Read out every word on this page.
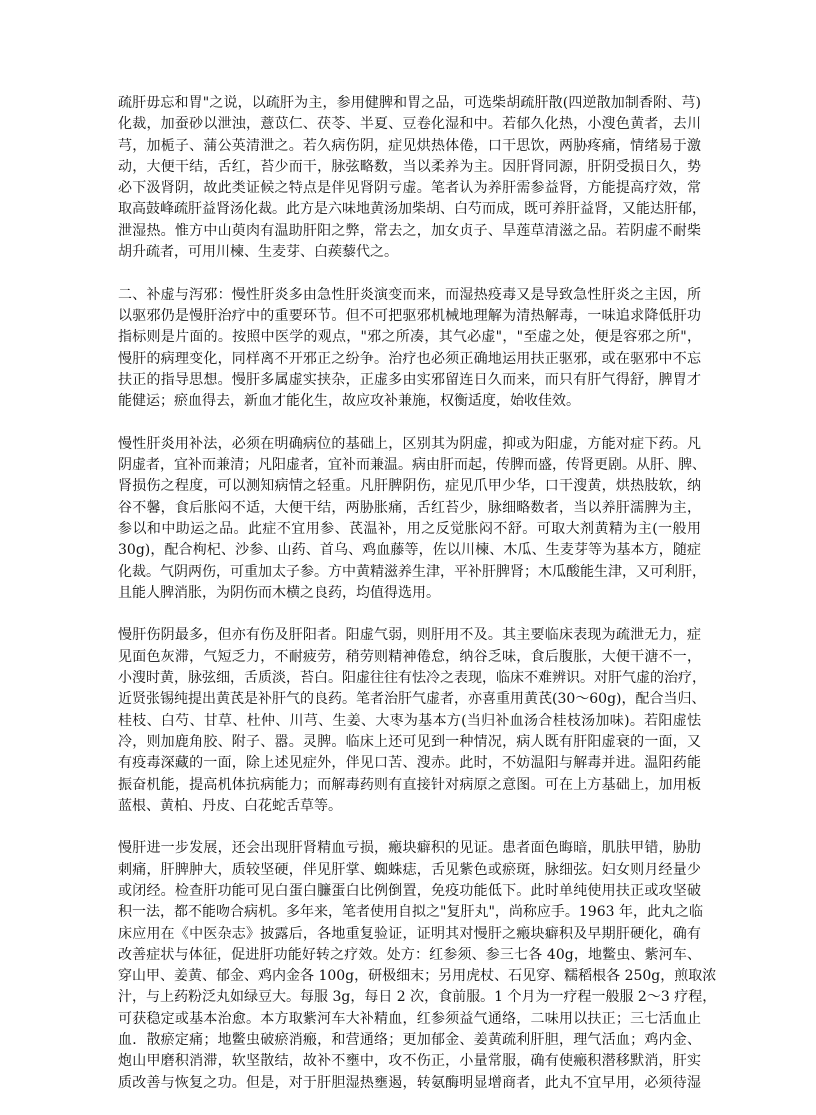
疏肝毋忘和胃"之说，以疏肝为主，参用健脾和胃之品，可选柴胡疏肝散(四逆散加制香附、芎)
化裁，加蚕砂以泄浊，薏苡仁、茯苓、半夏、豆卷化湿和中。若郁久化热，小溲色黄者，去川
芎，加栀子、蒲公英清泄之。若久病伤阴，症见烘热体倦，口干思饮，两胁疼痛，情绪易于激
动，大便干结，舌红，苔少而干，脉弦略数，当以柔养为主。因肝肾同源，肝阴受损日久，势
必下汲肾阴，故此类证候之特点是伴见肾阴亏虚。笔者认为养肝需参益肾，方能提高疗效，常
取高鼓峰疏肝益肾汤化裁。此方是六味地黄汤加柴胡、白芍而成，既可养肝益肾，又能达肝郁，
泄湿热。惟方中山萸肉有温助肝阳之弊，常去之，加女贞子、旱莲草清滋之品。若阴虚不耐柴
胡升疏者，可用川楝、生麦芽、白蒺藜代之。
二、补虚与泻邪：慢性肝炎多由急性肝炎演变而来，而湿热疫毒又是导致急性肝炎之主因，所
以驱邪仍是慢肝治疗中的重要环节。但不可把驱邪机械地理解为清热解毒，一味追求降低肝功
指标则是片面的。按照中医学的观点，"邪之所凑，其气必虚"，"至虚之处，便是容邪之所"，
慢肝的病理变化，同样离不开邪正之纷争。治疗也必须正确地运用扶正驱邪，或在驱邪中不忘
扶正的指导思想。慢肝多属虚实挟杂，正虚多由实邪留连日久而来，而只有肝气得舒，脾胃才
能健运；瘀血得去，新血才能化生，故应攻补兼施，权衡适度，始收佳效。
慢性肝炎用补法，必须在明确病位的基础上，区别其为阴虚，抑或为阳虚，方能对症下药。凡
阴虚者，宜补而兼清；凡阳虚者，宜补而兼温。病由肝而起，传脾而盛，传肾更剧。从肝、脾、
肾损伤之程度，可以测知病情之轻重。凡肝脾阴伤，症见爪甲少华，口干溲黄，烘热肢软，纳
谷不馨，食后胀闷不适，大便干结，两胁胀痛，舌红苔少，脉细略数者，当以养肝濡脾为主，
参以和中助运之品。此症不宜用参、芪温补，用之反觉胀闷不舒。可取大剂黄精为主(一般用
30g)，配合枸杞、沙参、山药、首乌、鸡血藤等，佐以川楝、木瓜、生麦芽等为基本方，随症
化裁。气阴两伤，可重加太子参。方中黄精滋养生津，平补肝脾肾；木瓜酸能生津，又可利肝，
且能人脾消胀，为阴伤而木横之良药，均值得选用。
慢肝伤阴最多，但亦有伤及肝阳者。阳虚气弱，则肝用不及。其主要临床表现为疏泄无力，症
见面色灰滞，气短乏力，不耐疲劳，稍劳则精神倦怠，纳谷乏味，食后腹胀，大便干溏不一，
小溲时黄，脉弦细，舌质淡，苔白。阳虚往往有怯冷之表现，临床不难辨识。对肝气虚的治疗，
近贤张锡纯提出黄芪是补肝气的良药。笔者治肝气虚者，亦喜重用黄芪(30～60g)，配合当归、
桂枝、白芍、甘草、杜仲、川芎、生姜、大枣为基本方(当归补血汤合桂枝汤加味)。若阳虚怯
冷，则加鹿角胶、附子、嚣。灵脾。临床上还可见到一种情况，病人既有肝阳虚衰的一面，又
有疫毒深藏的一面，除上述见症外，伴见口苦、溲赤。此时，不妨温阳与解毒并进。温阳药能
振奋机能，提高机体抗病能力；而解毒药则有直接针对病原之意图。可在上方基础上，加用板
蓝根、黄柏、丹皮、白花蛇舌草等。
慢肝进一步发展，还会出现肝肾精血亏损，瘢块癖积的见证。患者面色晦暗，肌肤甲错，胁肋
刺痛，肝脾肿大，质较坚硬，伴见肝掌、蜘蛛痣，舌见紫色或瘀斑，脉细弦。妇女则月经量少
或闭经。检查肝功能可见白蛋白臁蛋白比例倒置，免疫功能低下。此时单纯使用扶正或攻坚破
积一法，都不能吻合病机。多年来，笔者使用自拟之"复肝丸"，尚称应手。1963 年，此丸之临
床应用在《中医杂志》披露后，各地重复验证，证明其对慢肝之瘢块癖积及早期肝硬化，确有
改善症状与体征，促进肝功能好转之疗效。处方：红参须、参三七各 40g，地鳖虫、紫河车、
穿山甲、姜黄、郁金、鸡内金各 100g，研极细末；另用虎杖、石见穿、糯稻根各 250g，煎取浓
汁，与上药粉泛丸如绿豆大。每服 3g，每日 2 次，食前服。1 个月为一疗程一般服 2～3 疗程，
可获稳定或基本治愈。本方取紫河车大补精血，红参须益气通络，二味用以扶正；三七活血止
血．散瘀定痛；地鳖虫破瘀消瘢，和营通络；更加郁金、姜黄疏利肝胆，理气活血；鸡内金、
炮山甲磨积消滞，软坚散结，故补不壅中，攻不伤正，小量常服，确有使瘢积潜移默消，肝实
质改善与恢复之功。但是，对于肝胆湿热壅遏，转氨酶明显增商者，此丸不宜早用，必须待湿
